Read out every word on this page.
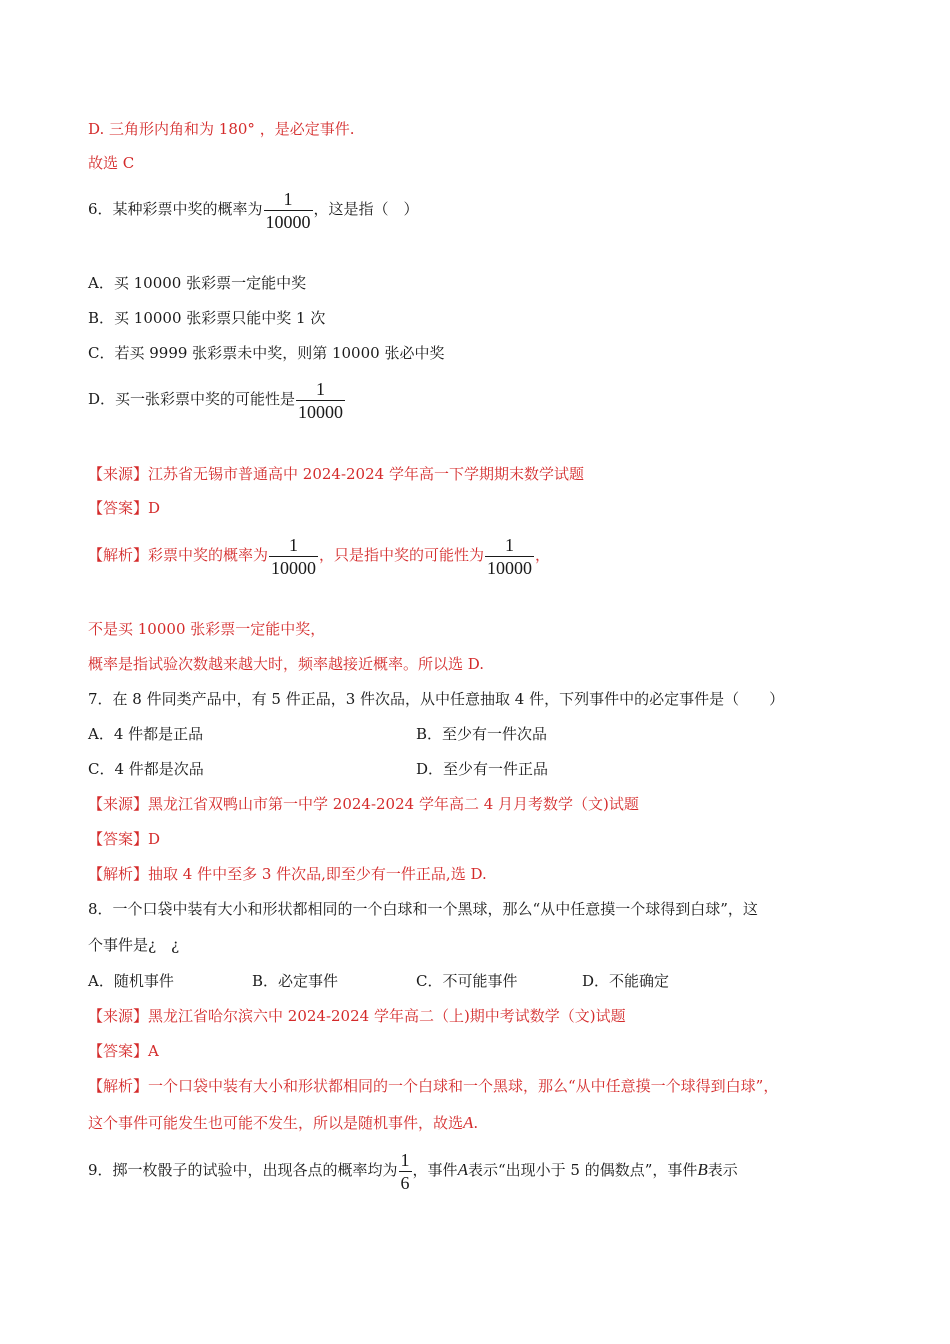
D. 三角形内角和为 180° ，是必定事件.
故选 C
6．某种彩票中奖的概率为 $\frac{1}{10000}$ ，这是指（　）
A．买 10000 张彩票一定能中奖
B．买 10000 张彩票只能中奖 1 次
C．若买 9999 张彩票未中奖，则第 10000 张必中奖
D．买一张彩票中奖的可能性是 $\frac{1}{10000}$
【来源】江苏省无锡市普通高中 2024-2024 学年高一下学期期末数学试题
【答案】D
【解析】彩票中奖的概率为 $\frac{1}{10000}$ ，只是指中奖的可能性为 $\frac{1}{10000}$ ，
不是买 10000 张彩票一定能中奖，
概率是指试验次数越来越大时，频率越接近概率。所以选 D.
7．在 8 件同类产品中，有 5 件正品，3 件次品，从中任意抽取 4 件，下列事件中的必定事件是（　　）
A．4 件都是正品	B．至少有一件次品
C．4 件都是次品	D．至少有一件正品
【来源】黑龙江省双鸭山市第一中学 2024-2024 学年高二 4 月月考数学（文)试题
【答案】D
【解析】抽取 4 件中至多 3 件次品,即至少有一件正品,选 D.
8．一个口袋中装有大小和形状都相同的一个白球和一个黑球，那么“从中任意摸一个球得到白球”，这
个事件是¿　¿
A．随机事件	B．必定事件	C．不可能事件	D．不能确定
【来源】黑龙江省哈尔滨六中 2024-2024 学年高二（上)期中考试数学（文)试题
【答案】A
【解析】一个口袋中装有大小和形状都相同的一个白球和一个黑球，那么“从中任意摸一个球得到白球”，
这个事件可能发生也可能不发生，所以是随机事件，故选A.
9．掷一枚骰子的试验中，出现各点的概率均为 $\frac{1}{6}$ ，事件A表示“出现小于 5 的偶数点”，事件B表示
